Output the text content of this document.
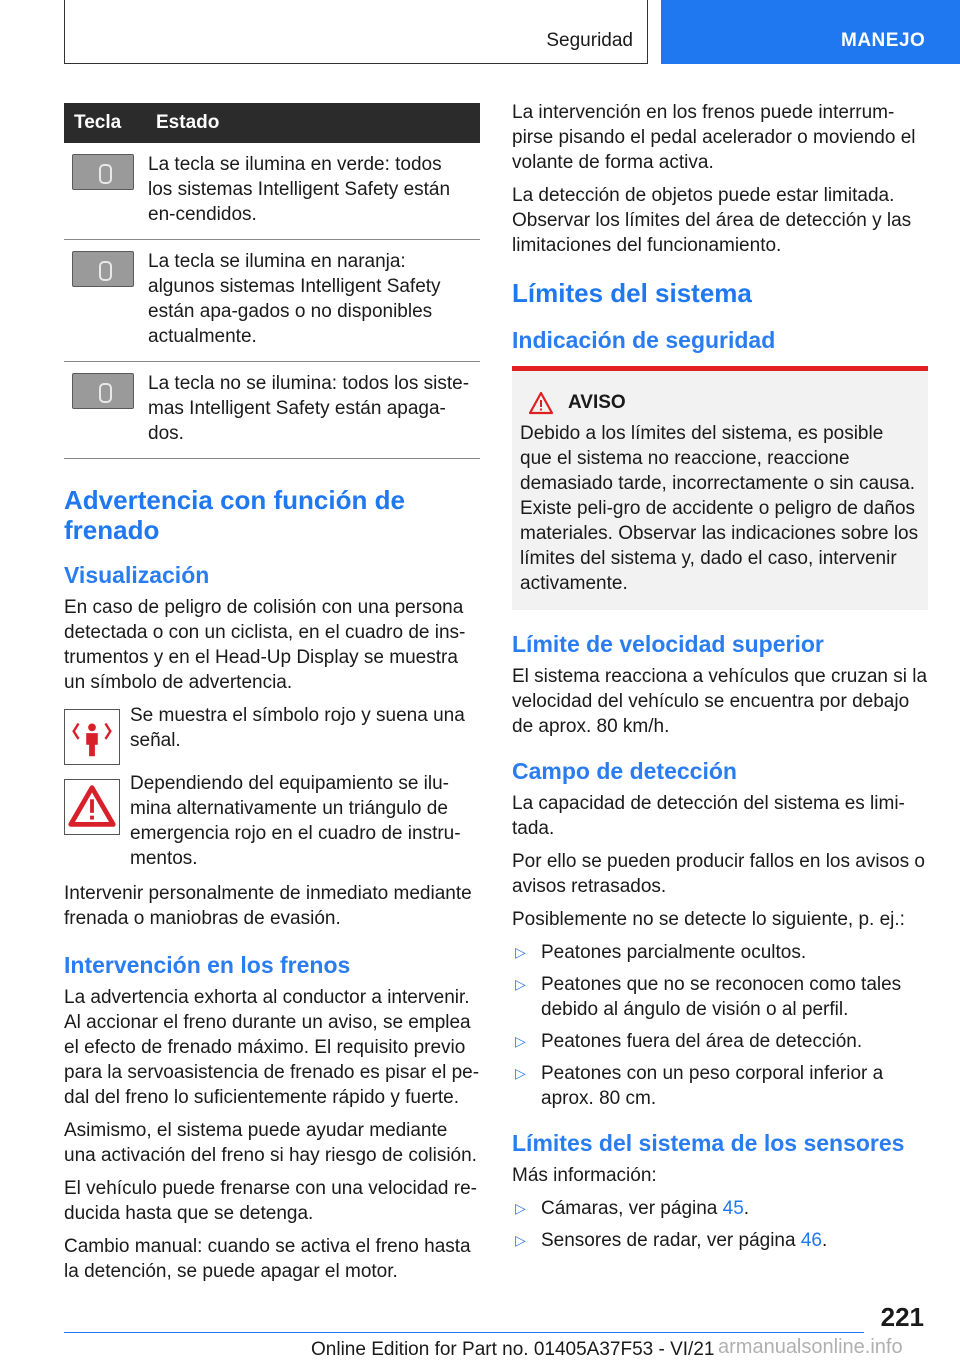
Seguridad	MANEJO
Tecla	Estado

	La tecla se ilumina en verde: todos los sistemas Intelligent Safety están en-cendidos.

	La tecla se ilumina en naranja: algunos sistemas Intelligent Safety están apa-gados o no disponibles actualmente.

	La tecla no se ilumina: todos los siste-mas Intelligent Safety están apaga-dos.
Advertencia con función de frenado
Visualización

En caso de peligro de colisión con una persona detectada o con un ciclista, en el cuadro de ins-trumentos y en el Head-Up Display se muestra un símbolo de advertencia.

Se muestra el símbolo rojo y suena una señal.

Dependiendo del equipamiento se ilu-mina alternativamente un triángulo de emergencia rojo en el cuadro de instru-mentos.

Intervenir personalmente de inmediato mediante frenada o maniobras de evasión.

Intervención en los frenos

La advertencia exhorta al conductor a intervenir. Al accionar el freno durante un aviso, se emplea el efecto de frenado máximo. El requisito previo para la servoasistencia de frenado es pisar el pe-dal del freno lo suficientemente rápido y fuerte.

Asimismo, el sistema puede ayudar mediante una activación del freno si hay riesgo de colisión.

El vehículo puede frenarse con una velocidad re-ducida hasta que se detenga.

Cambio manual: cuando se activa el freno hasta la detención, se puede apagar el motor.

La intervención en los frenos puede interrum-pirse pisando el pedal acelerador o moviendo el volante de forma activa.

La detección de objetos puede estar limitada. Observar los límites del área de detección y las limitaciones del funcionamiento.

Límites del sistema
Indicación de seguridad
AVISO

Debido a los límites del sistema, es posible que el sistema no reaccione, reaccione demasiado tarde, incorrectamente o sin causa. Existe peli-gro de accidente o peligro de daños materiales. Observar las indicaciones sobre los límites del sistema y, dado el caso, intervenir activamente.

Límite de velocidad superior

El sistema reacciona a vehículos que cruzan si la velocidad del vehículo se encuentra por debajo de aprox. 80 km/h.

Campo de detección

La capacidad de detección del sistema es limi-tada.

Por ello se pueden producir fallos en los avisos o avisos retrasados.

Posiblemente no se detecte lo siguiente, p. ej.:

▷ Peatones parcialmente ocultos.
▷ Peatones que no se reconocen como tales debido al ángulo de visión o al perfil.
▷ Peatones fuera del área de detección.
▷ Peatones con un peso corporal inferior a aprox. 80 cm.
Límites del sistema de los sensores

Más información:

▷ Cámaras, ver página 45.
▷ Sensores de radar, ver página 46.
221
Online Edition for Part no. 01405A37F53 - VI/21 armanualsonline.info
